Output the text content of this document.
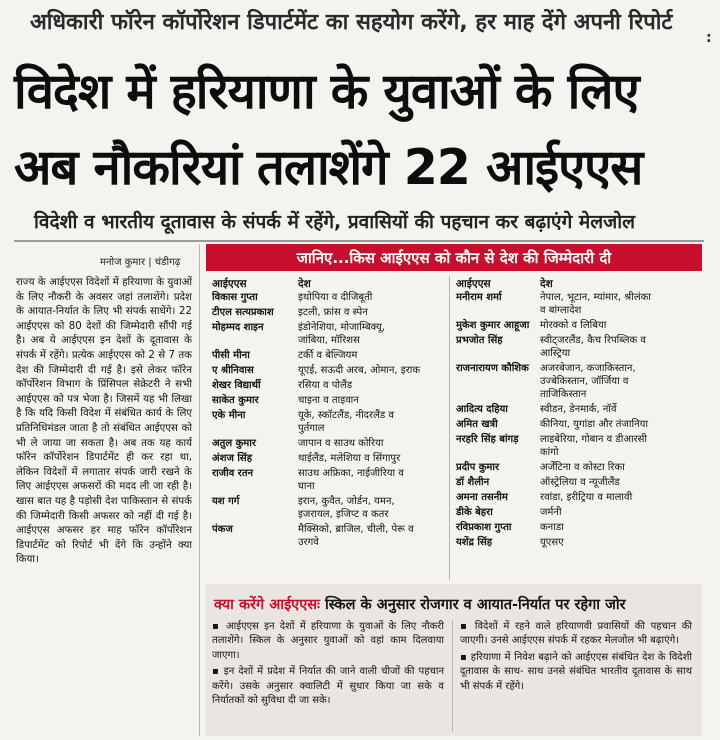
अधिकारी फॉरेन कॉर्पोरेशन डिपार्टमेंट का सहयोग करेंगे, हर माह देंगे अपनी रिपोर्ट
:
विदेश में हरियाणा के युवाओं के लिए
अब नौकरियां तलाशेंगे 22 आईएएस
विदेशी व भारतीय दूतावास के संपर्क में रहेंगे, प्रवासियों की पहचान कर बढ़ाएंगे मेलजोल
मनोज कुमार | चंडीगढ़

राज्य के आईएएस विदेशों में हरियाणा के युवाओं के लिए नौकरी के अवसर जहां तलाशेंगे। प्रदेश के आयात-निर्यात के लिए भी संपर्क साधेंगे। 22 आईएएस को 80 देशों की जिम्मेदारी सौंपी गई है। अब ये आईएएस इन देशों के दूतावास के संपर्क में रहेंगे। प्रत्येक आईएएस को 2 से 7 तक देश की जिम्मेदारी दी गई है। इसे लेकर फॉरेन कॉर्पोरेशन विभाग के प्रिंसिपल सेक्रेटरी ने सभी आईएएस को पत्र भेजा है। जिसमें यह भी लिखा है कि यदि किसी विदेश में संबंधित कार्य के लिए प्रतिनिधिमंडल जाता है तो संबंधित आईएएस को भी ले जाया जा सकता है। अब तक यह कार्य फॉरेन कॉर्पोरेशन डिपार्टमेंट ही कर रहा था, लेकिन विदेशों में लगातार संपर्क जारी रखने के लिए आईएएस अफसरों की मदद ली जा रही है। खास बात यह है पड़ोसी देश पाकिस्तान से संपर्क की जिम्मेदारी किसी अफसर को नहीं दी गई है। आईएएस अफसर हर माह फॉरेन कॉर्पोरेशन डिपार्टमेंट को रिपोर्ट भी देंगे कि उन्होंने क्या किया।

जानिए...किस आईएएस को कौन से देश की जिम्मेदारी दी
आईएएस	देश	आईएएस	देश
विकास गुप्ता	इथोपिया व दीजिबूती
टीएल सत्यप्रकाश	इटली, फ्रांस व स्पेन
मोहम्मद शाइन	इंडोनेशिया, मोजाम्बिक्यू,
जांबिया, मॉरिशस
पीसी मीना	टर्की व बेल्जियम
ए श्रीनिवास	यूएई, सऊदी अरब, ओमान, इराक
शेखर विद्यार्थी	रसिया व पोलैंड
साकेत कुमार	चाइना व ताइवान
एके मीना	यूके, स्कॉटलैंड, नीदरलैंड व
पुर्तगाल
अतुल कुमार	जापान व साउथ कोरिया
अंशज सिंह	थाईलैंड, मलेशिया व सिंगापुर
राजीव रतन	साउथ अफ्रिका, नाईजीरिया व
घाना
यश गर्ग	इरान, कुवैत, जोर्डन, यमन,
इजरायल, इजिप्ट व कतर
पंकज	मैक्सिको, ब्राजिल, चीली, पेरू व
उरगवे
मनीराम शर्मा	नेपाल, भूटान, म्यांमार, श्रीलंका
व बांग्लादेश
मुकेश कुमार आहूजा	मोरक्को व लिबिया
प्रभजोत सिंह	स्वीट्जरलैंड, कैच रिपब्लिक व
आस्ट्रिया
राजनारायण कौशिक	अजरबेजान, कजाकिस्तान,
उज्बेकिस्तान, जॉर्जिया व
ताजिकिस्तान
आदित्य दहिया	स्वीडन, डेनमार्क, नॉर्वे
अमित खत्री	कीनिया, युगांडा और तंजानिया
नरहरि सिंह बांगड़	लाइबेरिया, गोबान व डीआरसी
कांगो
प्रदीप कुमार	अर्जेंटिना व कोस्टा रिका
डॉ शैलीन	ऑस्ट्रेलिया व न्यूजीलैंड
अमना तसनीम	रवांडा, इरीट्रिया व मालावी
डीके बेहरा	जर्मनी
रविप्रकाश गुप्ता	कनाडा
यशेंद्र सिंह	यूएसए
क्या करेंगे आईएएसः स्किल के अनुसार रोजगार व आयात-निर्यात पर रहेगा जोर

▪ आईएएस इन देशों में हरियाणा के युवाओं के लिए नौकरी तलाशेंगे। स्किल के अनुसार युवाओं को वहां काम दिलवाया जाएगा।

▪ इन देशों में प्रदेश में निर्यात की जाने वाली चीजों की पहचान करेंगे। उसके अनुसार क्वालिटी में सुधार किया जा सके व निर्यातकों को सुविधा दी जा सके।

▪ विदेशों में रहने वाले हरियाणवी प्रवासियों की पहचान की जाएगी। उनसे आईएएस संपर्क में रहकर मेलजोल भी बढ़ाएंगे।

▪ हरियाणा में निवेश बढ़ाने को आईएएस संबंधित देश के विदेशी दूतावास के साथ- साथ उनसे संबंधित भारतीय दूतावास के साथ भी संपर्क में रहेंगे।
